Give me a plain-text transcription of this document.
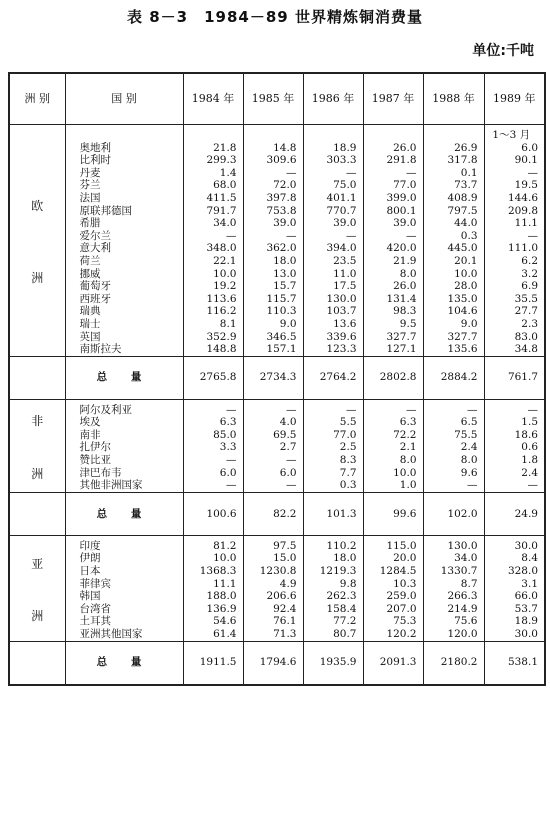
表 8－3　1984－89 世界精炼铜消费量
单位:千吨
洲 别	国 别	1984 年	1985 年	1986 年	1987 年	1988 年	1989 年

欧
洲							1～3 月
	奥地利	21.8	14.8	18.9	26.0	26.9	6.0
	比利时	299.3	309.6	303.3	291.8	317.8	90.1
	丹麦	1.4	—	—	—	0.1	—
	芬兰	68.0	72.0	75.0	77.0	73.7	19.5
	法国	411.5	397.8	401.1	399.0	408.9	144.6
	原联邦德国	791.7	753.8	770.7	800.1	797.5	209.8
	希腊	34.0	39.0	39.0	39.0	44.0	11.1
	爱尔兰	—	—	—	—	0.3	—
	意大利	348.0	362.0	394.0	420.0	445.0	111.0
	荷兰	22.1	18.0	23.5	21.9	20.1	6.2
	挪威	10.0	13.0	11.0	8.0	10.0	3.2
	葡萄牙	19.2	15.7	17.5	26.0	28.0	6.9
	西班牙	113.6	115.7	130.0	131.4	135.0	35.5
	瑞典	116.2	110.3	103.7	98.3	104.6	27.7
	瑞士	8.1	9.0	13.6	9.5	9.0	2.3
	英国	352.9	346.5	339.6	327.7	327.7	83.0
	南斯拉夫	148.8	157.1	123.3	127.1	135.6	34.8
	总 量	2765.8	2734.3	2764.2	2802.8	2884.2	761.7

非
洲	阿尔及利亚	—	—	—	—	—	—
	埃及	6.3	4.0	5.5	6.3	6.5	1.5
	南非	85.0	69.5	77.0	72.2	75.5	18.6
	扎伊尔	3.3	2.7	2.5	2.1	2.4	0.6
	赞比亚	—	—	8.3	8.0	8.0	1.8
	津巴布韦	6.0	6.0	7.7	10.0	9.6	2.4
	其他非洲国家	—	—	0.3	1.0	—	—
	总 量	100.6	82.2	101.3	99.6	102.0	24.9

亚
洲	印度	81.2	97.5	110.2	115.0	130.0	30.0
	伊朗	10.0	15.0	18.0	20.0	34.0	8.4
	日本	1368.3	1230.8	1219.3	1284.5	1330.7	328.0
	菲律宾	11.1	4.9	9.8	10.3	8.7	3.1
	韩国	188.0	206.6	262.3	259.0	266.3	66.0
	台湾省	136.9	92.4	158.4	207.0	214.9	53.7
	土耳其	54.6	76.1	77.2	75.3	75.6	18.9
	亚洲其他国家	61.4	71.3	80.7	120.2	120.0	30.0
	总 量	1911.5	1794.6	1935.9	2091.3	2180.2	538.1
